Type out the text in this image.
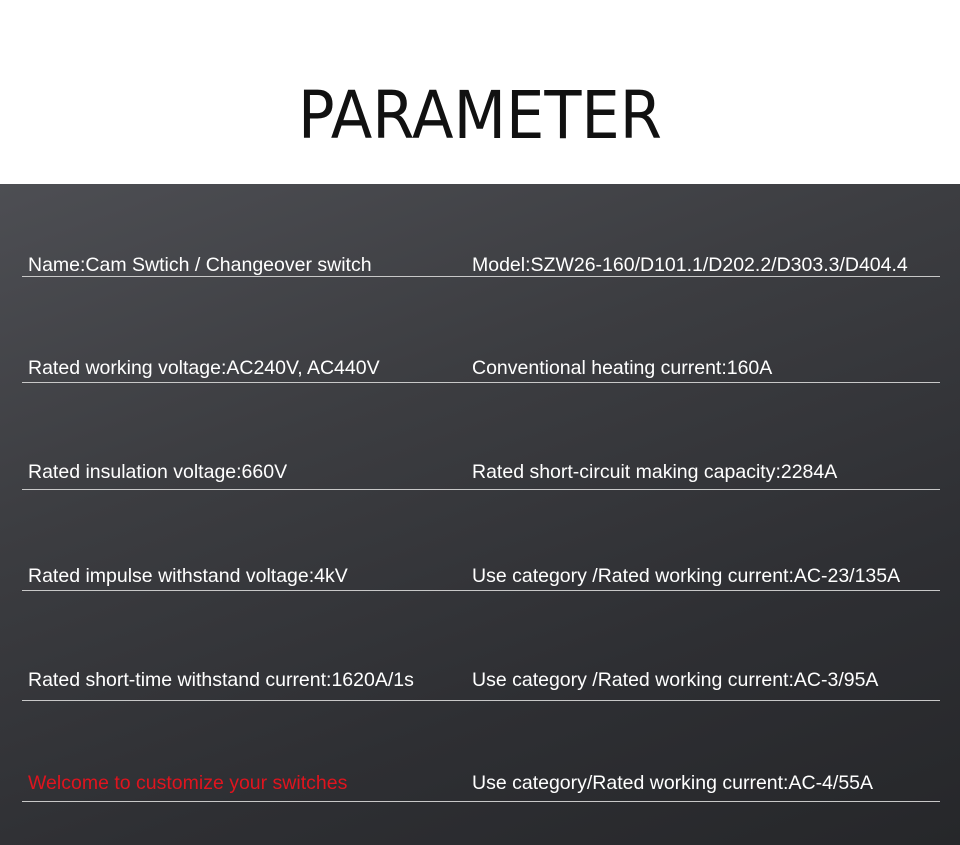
PARAMETER
Name:Cam Swtich / Changeover switch	Model:SZW26-160/D101.1/D202.2/D303.3/D404.4
Rated working voltage:AC240V, AC440V	Conventional heating current:160A
Rated insulation voltage:660V	Rated short-circuit making capacity:2284A
Rated impulse withstand voltage:4kV	Use category /Rated working current:AC-23/135A
Rated short-time withstand current:1620A/1s	Use category /Rated working current:AC-3/95A
Welcome to customize your switches	Use category/Rated working current:AC-4/55A
